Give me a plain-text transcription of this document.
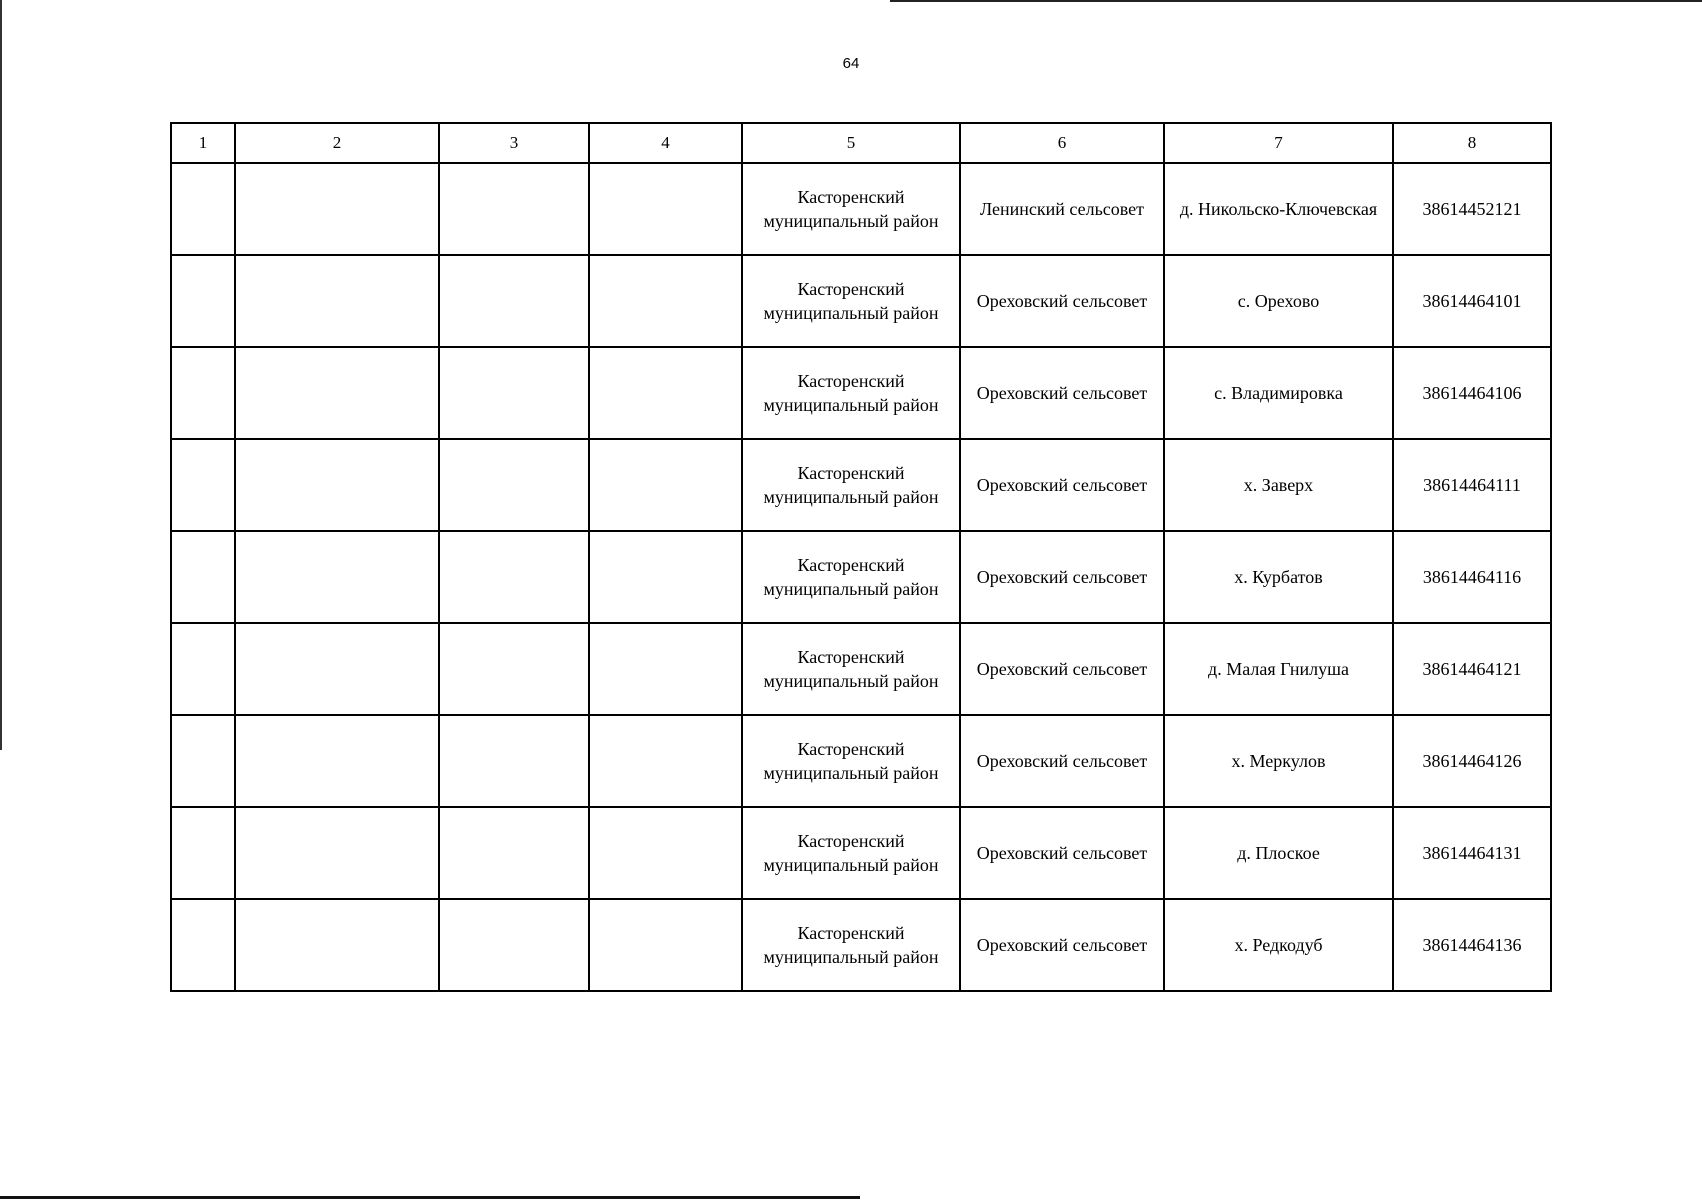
64
1	2	3	4	5	6	7	8
				Касторенский муниципальный район	Ленинский сельсовет	д. Никольско-Ключевская	38614452121
				Касторенский муниципальный район	Ореховский сельсовет	с. Орехово	38614464101
				Касторенский муниципальный район	Ореховский сельсовет	с. Владимировка	38614464106
				Касторенский муниципальный район	Ореховский сельсовет	х. Заверх	38614464111
				Касторенский муниципальный район	Ореховский сельсовет	х. Курбатов	38614464116
				Касторенский муниципальный район	Ореховский сельсовет	д. Малая Гнилуша	38614464121
				Касторенский муниципальный район	Ореховский сельсовет	х. Меркулов	38614464126
				Касторенский муниципальный район	Ореховский сельсовет	д. Плоское	38614464131
				Касторенский муниципальный район	Ореховский сельсовет	х. Редкодуб	38614464136
